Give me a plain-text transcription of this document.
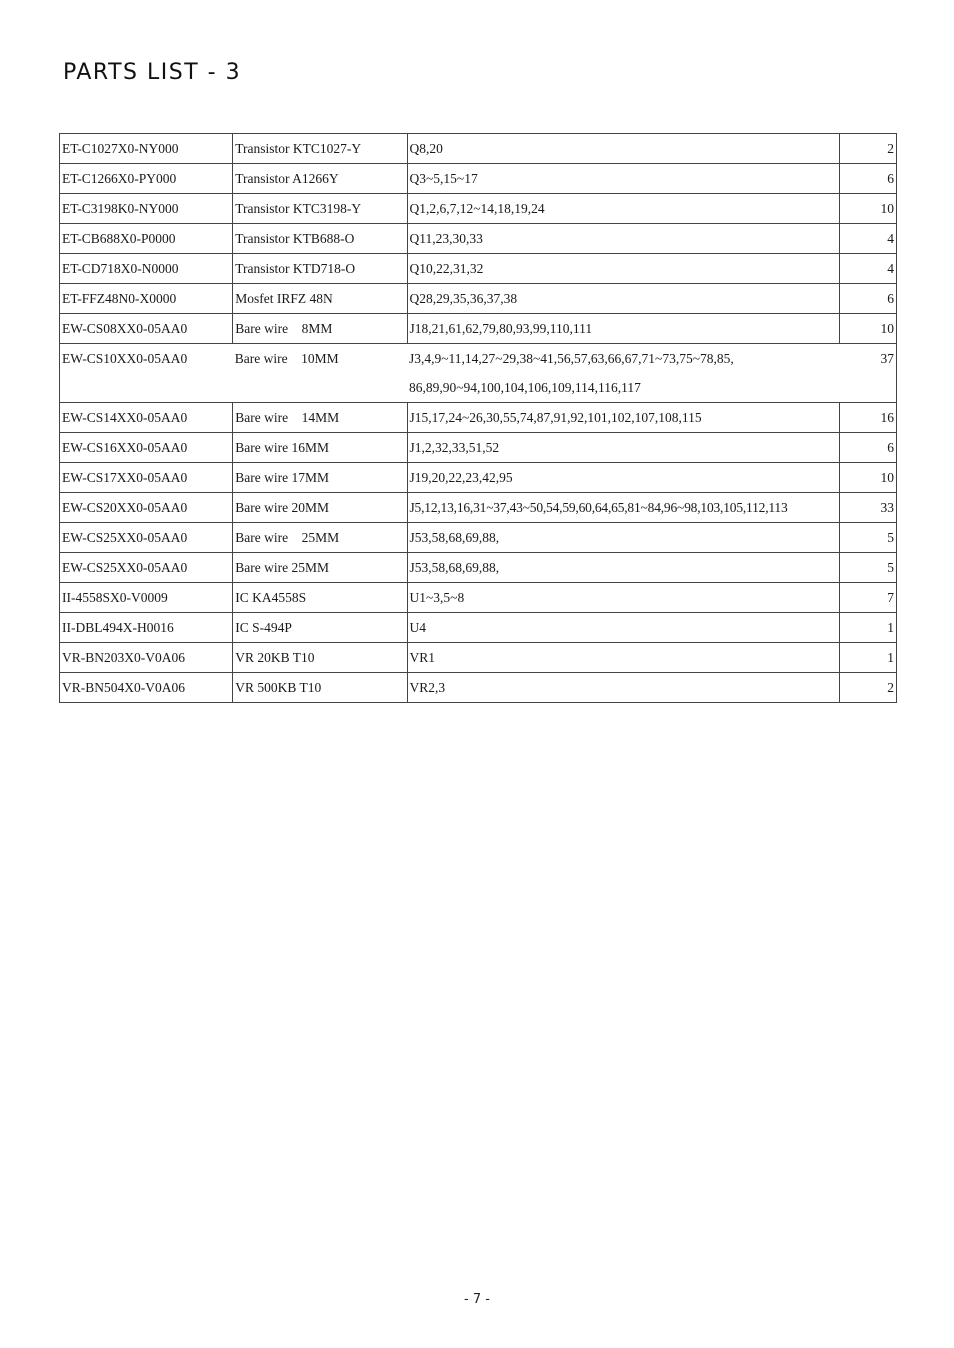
PARTS LIST - 3
ET-C1027X0-NY000	Transistor KTC1027-Y	Q8,20	2
ET-C1266X0-PY000	Transistor A1266Y	Q3~5,15~17	6
ET-C3198K0-NY000	Transistor KTC3198-Y	Q1,2,6,7,12~14,18,19,24	10
ET-CB688X0-P0000	Transistor KTB688-O	Q11,23,30,33	4
ET-CD718X0-N0000	Transistor KTD718-O	Q10,22,31,32	4
ET-FFZ48N0-X0000	Mosfet IRFZ 48N	Q28,29,35,36,37,38	6
EW-CS08XX0-05AA0	Bare wire    8MM	J18,21,61,62,79,80,93,99,110,111	10
EW-CS10XX0-05AA0	Bare wire    10MM	J3,4,9~11,14,27~29,38~41,56,57,63,66,67,71~73,75~78,85,	37
86,89,90~94,100,104,106,109,114,116,117			
EW-CS14XX0-05AA0	Bare wire    14MM	J15,17,24~26,30,55,74,87,91,92,101,102,107,108,115	16
EW-CS16XX0-05AA0	Bare wire 16MM	J1,2,32,33,51,52	6
EW-CS17XX0-05AA0	Bare wire 17MM	J19,20,22,23,42,95	10
EW-CS20XX0-05AA0	Bare wire 20MM	J5,12,13,16,31~37,43~50,54,59,60,64,65,81~84,96~98,103,105,112,113	33
EW-CS25XX0-05AA0	Bare wire    25MM	J53,58,68,69,88,	5
EW-CS25XX0-05AA0	Bare wire 25MM	J53,58,68,69,88,	5
II-4558SX0-V0009	IC KA4558S	U1~3,5~8	7
II-DBL494X-H0016	IC S-494P	U4	1
VR-BN203X0-V0A06	VR 20KB T10	VR1	1
VR-BN504X0-V0A06	VR 500KB T10	VR2,3	2
- 7 -
